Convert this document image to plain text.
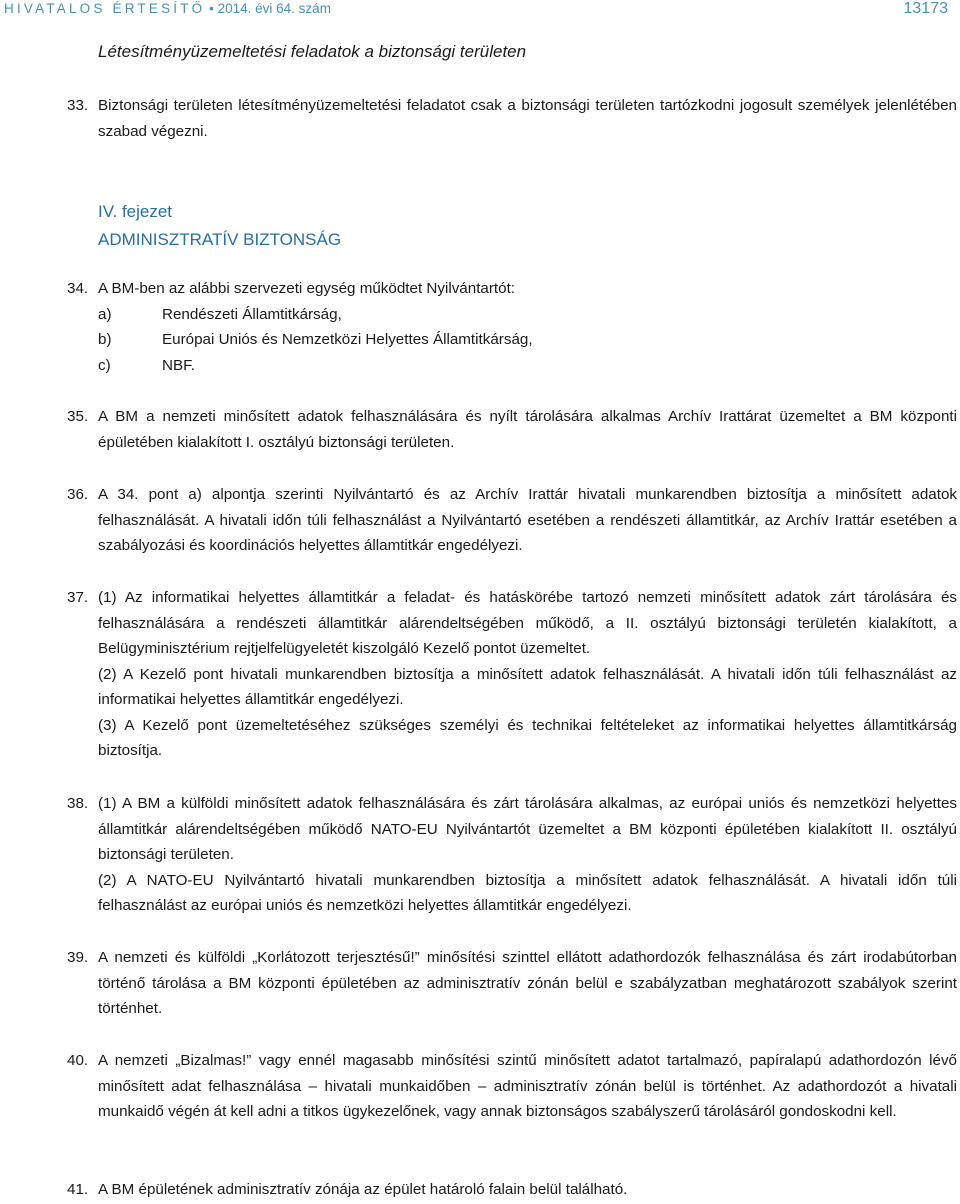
HIVATALOS ÉRTESÍTŐ • 2014. évi 64. szám	13173
Létesítményüzemeltetési feladatok a biztonsági területen
33. Biztonsági területen létesítményüzemeltetési feladatot csak a biztonsági területen tartózkodni jogosult személyek jelenlétében szabad végezni.

IV. fejezet
ADMINISZTRATÍV BIZTONSÁG
34. A BM-ben az alábbi szervezeti egység működtet Nyilvántartót:

a)	Rendészeti Államtitkárság,
b)	Európai Uniós és Nemzetközi Helyettes Államtitkárság,
c)	NBF.
35. A BM a nemzeti minősített adatok felhasználására és nyílt tárolására alkalmas Archív Irattárat üzemeltet a BM központi épületében kialakított I. osztályú biztonsági területen.

36. A 34. pont a) alpontja szerinti Nyilvántartó és az Archív Irattár hivatali munkarendben biztosítja a minősített adatok felhasználását. A hivatali időn túli felhasználást a Nyilvántartó esetében a rendészeti államtitkár, az Archív Irattár esetében a szabályozási és koordinációs helyettes államtitkár engedélyezi.

37. (1) Az informatikai helyettes államtitkár a feladat- és hatáskörébe tartozó nemzeti minősített adatok zárt tárolására és felhasználására a rendészeti államtitkár alárendeltségében működő, a II. osztályú biztonsági területén kialakított, a Belügyminisztérium rejtjelfelügyeletét kiszolgáló Kezelő pontot üzemeltet.

(2) A Kezelő pont hivatali munkarendben biztosítja a minősített adatok felhasználását. A hivatali időn túli felhasználást az informatikai helyettes államtitkár engedélyezi.

(3) A Kezelő pont üzemeltetéséhez szükséges személyi és technikai feltételeket az informatikai helyettes államtitkárság biztosítja.

38. (1) A BM a külföldi minősített adatok felhasználására és zárt tárolására alkalmas, az európai uniós és nemzetközi helyettes államtitkár alárendeltségében működő NATO-EU Nyilvántartót üzemeltet a BM központi épületében kialakított II. osztályú biztonsági területen.

(2) A NATO-EU Nyilvántartó hivatali munkarendben biztosítja a minősített adatok felhasználását. A hivatali időn túli felhasználást az európai uniós és nemzetközi helyettes államtitkár engedélyezi.

39. A nemzeti és külföldi „Korlátozott terjesztésű!” minősítési szinttel ellátott adathordozók felhasználása és zárt irodabútorban történő tárolása a BM központi épületében az adminisztratív zónán belül e szabályzatban meghatározott szabályok szerint történhet.

40. A nemzeti „Bizalmas!” vagy ennél magasabb minősítési szintű minősített adatot tartalmazó, papíralapú adathordozón lévő minősített adat felhasználása – hivatali munkaidőben – adminisztratív zónán belül is történhet. Az adathordozót a hivatali munkaidő végén át kell adni a titkos ügykezelőnek, vagy annak biztonságos szabályszerű tárolásáról gondoskodni kell.

41. A BM épületének adminisztratív zónája az épület határoló falain belül található.
